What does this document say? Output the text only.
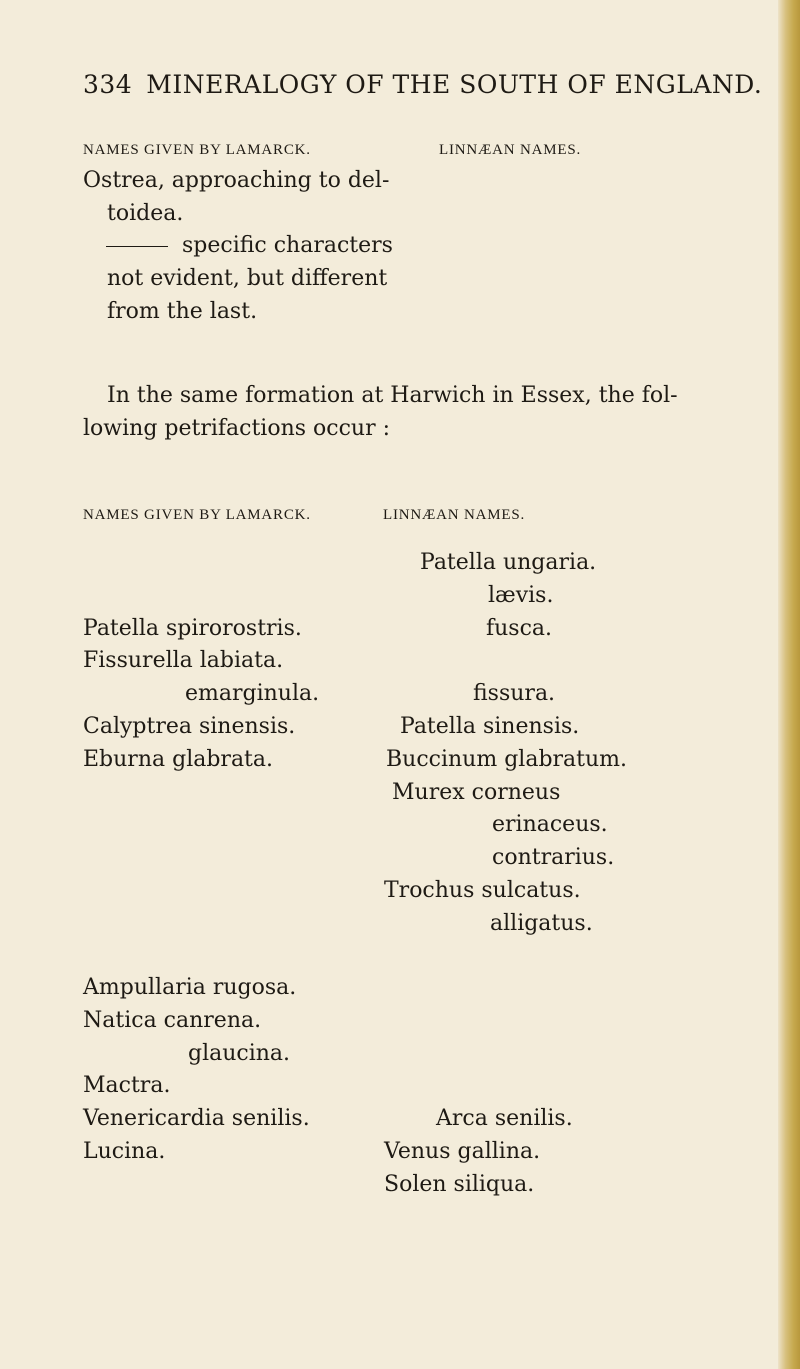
334 MINERALOGY OF THE SOUTH OF ENGLAND.
NAMES GIVEN BY LAMARCK.	LINNÆAN NAMES.
Ostrea, approaching to del-
toidea.
specific characters
not evident, but different
from the last.
In the same formation at Harwich in Essex, the fol-
lowing petrifactions occur :
NAMES GIVEN BY LAMARCK.	LINNÆAN NAMES.
Patella spirorostris.
Fissurella labiata.
emarginula.
Calyptrea sinensis.
Eburna glabrata.
Ampullaria rugosa.
Natica canrena.
glaucina.
Mactra.
Venericardia senilis.
Lucina.
Patella ungaria.
lævis.
fusca.
fissura.
Patella sinensis.
Buccinum glabratum.
Murex corneus
erinaceus.
contrarius.
Trochus sulcatus.
alligatus.
Arca senilis.
Venus gallina.
Solen siliqua.
